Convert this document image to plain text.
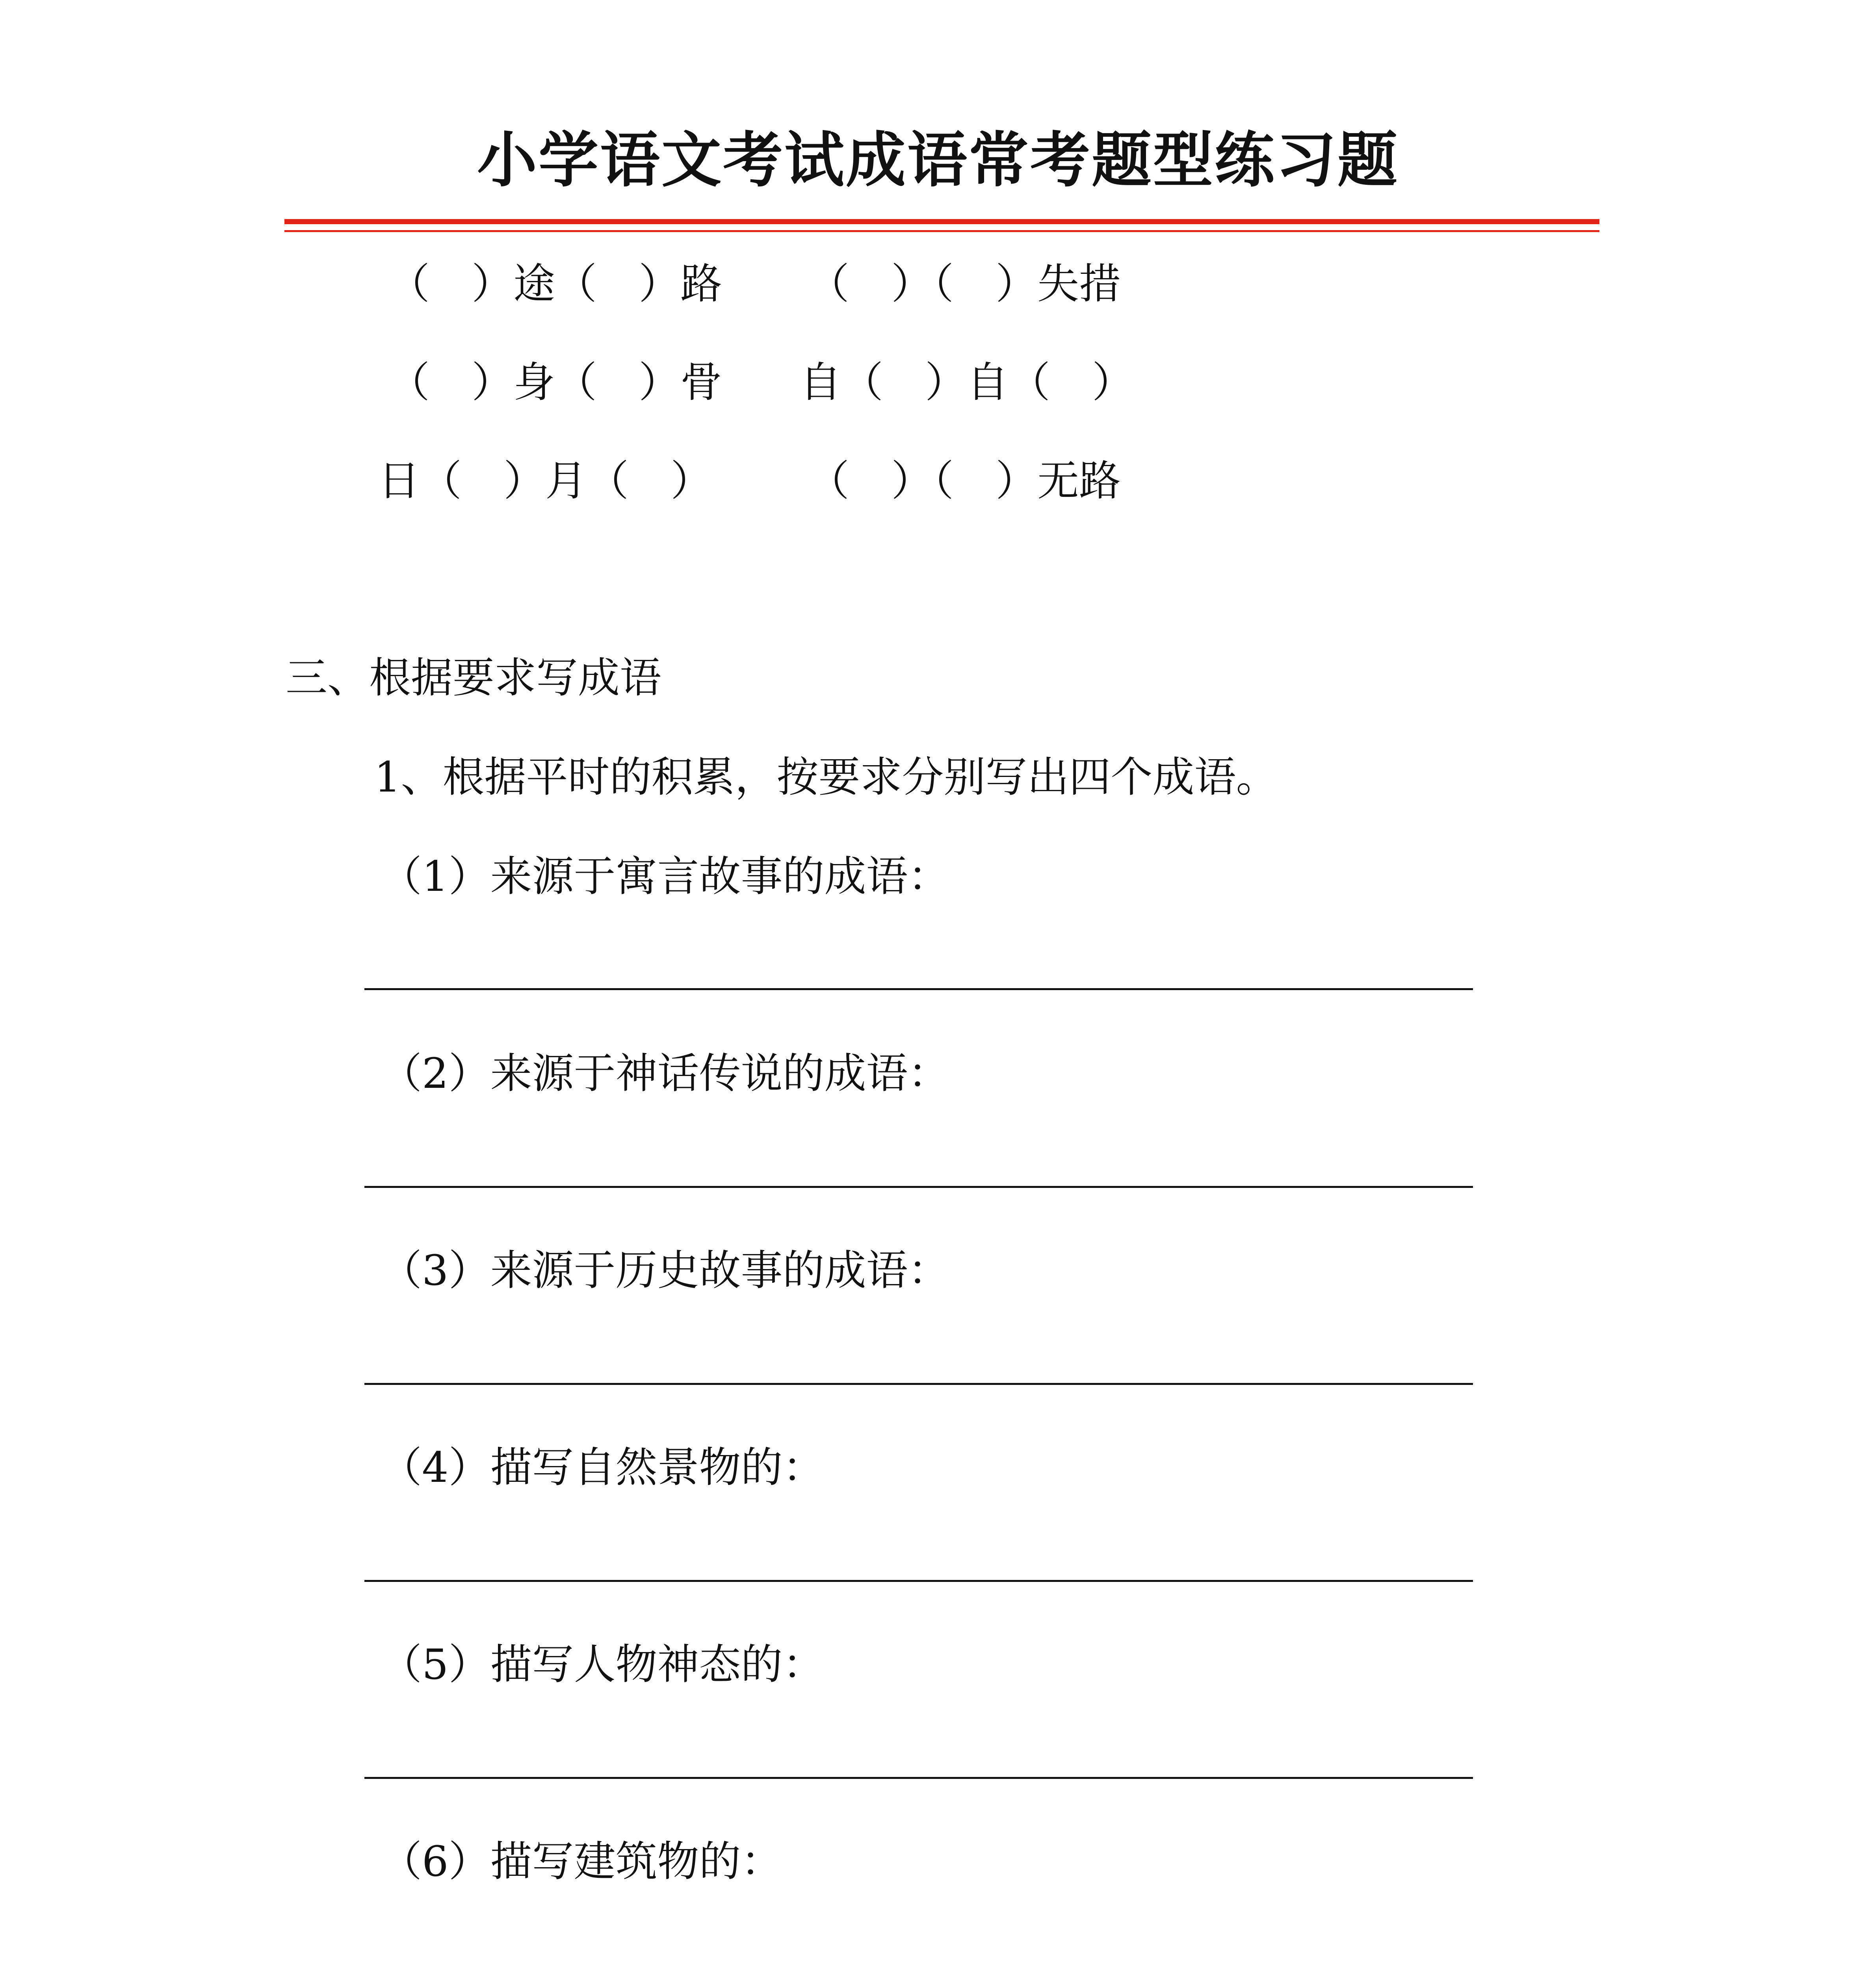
小学语文考试成语常考题型练习题
（　）途（　）路 （　）（　）失措
（　）身（　）骨 自（　）自（　）
日（　）月（　） （　）（　）无路
三、根据要求写成语
1、根据平时的积累，按要求分别写出四个成语。
（1）来源于寓言故事的成语：
（2）来源于神话传说的成语：
（3）来源于历史故事的成语：
（4）描写自然景物的：
（5）描写人物神态的：
（6）描写建筑物的：
